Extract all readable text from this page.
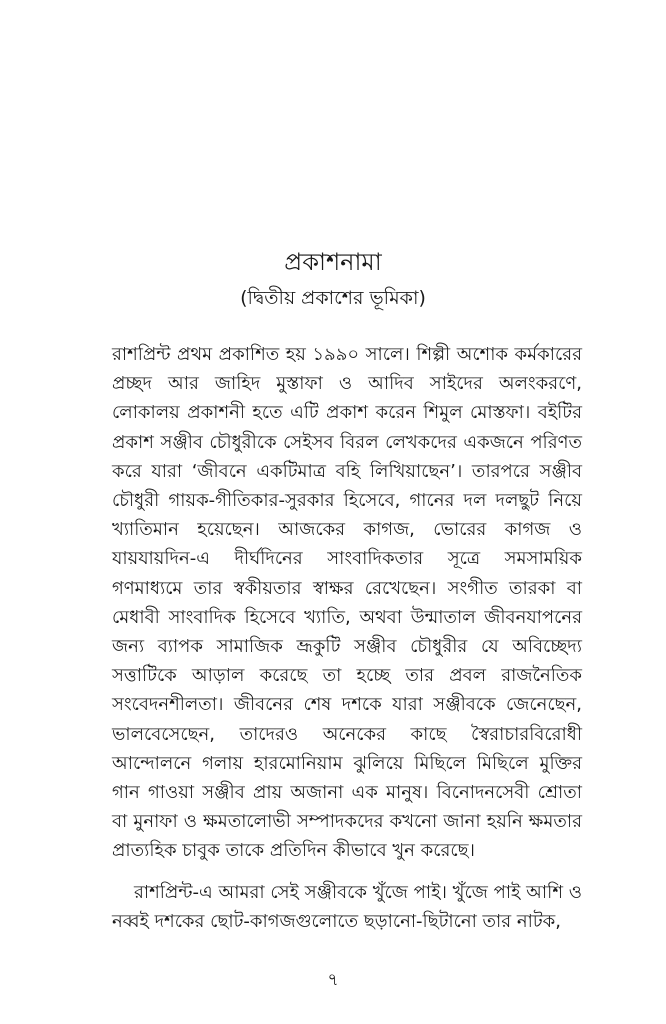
প্রকাশনামা
(দ্বিতীয় প্রকাশের ভূমিকা)

রাশপ্রিন্ট প্রথম প্রকাশিত হয় ১৯৯০ সালে। শিল্পী অশোক কর্মকারের প্রচ্ছদ আর জাহিদ মুস্তাফা ও আদিব সাইদের অলংকরণে, লোকালয় প্রকাশনী হতে এটি প্রকাশ করেন শিমুল মোস্তফা। বইটির প্রকাশ সঞ্জীব চৌধুরীকে সেইসব বিরল লেখকদের একজনে পরিণত করে যারা ‘জীবনে একটিমাত্র বহি লিখিয়াছেন’। তারপরে সঞ্জীব চৌধুরী গায়ক-গীতিকার-সুরকার হিসেবে, গানের দল দলছুট নিয়ে খ্যাতিমান হয়েছেন। আজকের কাগজ, ভোরের কাগজ ও যায়যায়দিন-এ দীর্ঘদিনের সাংবাদিকতার সূত্রে সমসাময়িক গণমাধ্যমে তার স্বকীয়তার স্বাক্ষর রেখেছেন। সংগীত তারকা বা মেধাবী সাংবাদিক হিসেবে খ্যাতি, অথবা উন্মাতাল জীবনযাপনের জন্য ব্যাপক সামাজিক ভ্রূকুটি সঞ্জীব চৌধুরীর যে অবিচ্ছেদ্য সত্তাটিকে আড়াল করেছে তা হচ্ছে তার প্রবল রাজনৈতিক সংবেদনশীলতা। জীবনের শেষ দশকে যারা সঞ্জীবকে জেনেছেন, ভালবেসেছেন, তাদেরও অনেকের কাছে স্বৈরাচারবিরোধী আন্দোলনে গলায় হারমোনিয়াম ঝুলিয়ে মিছিলে মিছিলে মুক্তির গান গাওয়া সঞ্জীব প্রায় অজানা এক মানুষ। বিনোদনসেবী শ্রোতা বা মুনাফা ও ক্ষমতালোভী সম্পাদকদের কখনো জানা হয়নি ক্ষমতার প্রাত্যহিক চাবুক তাকে প্রতিদিন কীভাবে খুন করেছে।

রাশপ্রিন্ট-এ আমরা সেই সঞ্জীবকে খুঁজে পাই। খুঁজে পাই আশি ও নব্বই দশকের ছোট-কাগজগুলোতে ছড়ানো-ছিটানো তার নাটক,

৭
